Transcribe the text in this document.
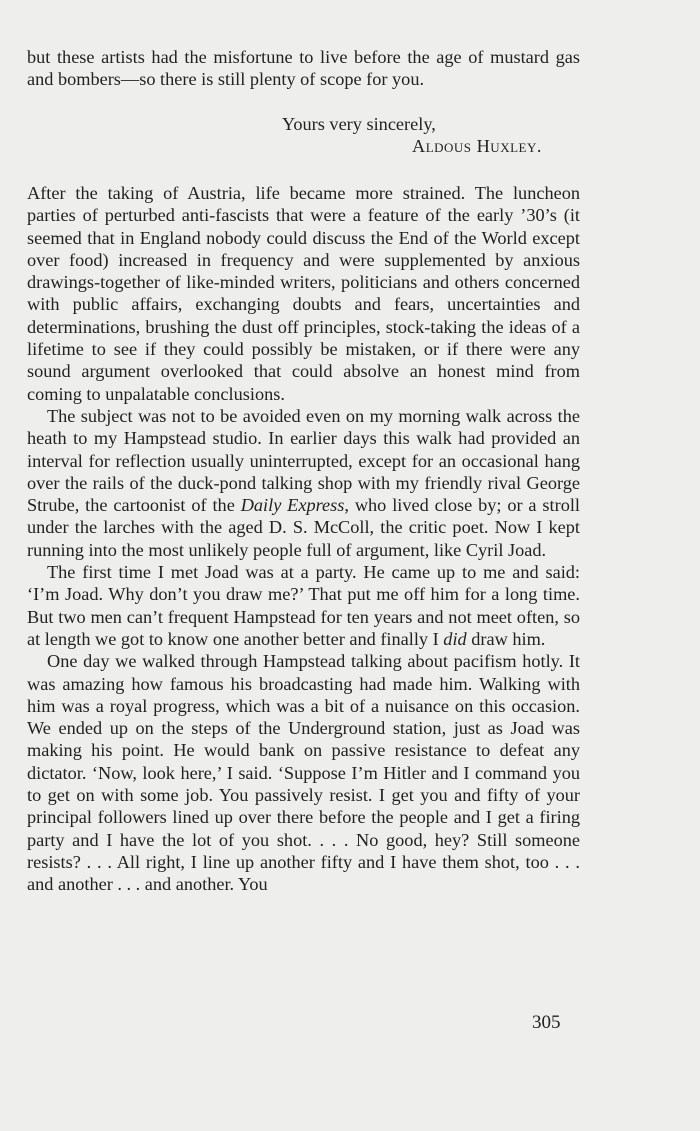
but these artists had the misfortune to live before the age of mustard gas and bombers—so there is still plenty of scope for you.

Yours very sincerely,
Aldous Huxley.

After the taking of Austria, life became more strained. The luncheon parties of perturbed anti-fascists that were a feature of the early ’30’s (it seemed that in England nobody could discuss the End of the World except over food) increased in frequency and were supplemented by anxious drawings-together of like-minded writers, politicians and others concerned with public affairs, exchanging doubts and fears, uncertainties and determinations, brushing the dust off principles, stock-taking the ideas of a lifetime to see if they could possibly be mistaken, or if there were any sound argument overlooked that could absolve an honest mind from coming to unpalatable conclusions.

The subject was not to be avoided even on my morning walk across the heath to my Hampstead studio. In earlier days this walk had provided an interval for reflection usually uninterrupted, except for an occasional hang over the rails of the duck-pond talking shop with my friendly rival George Strube, the cartoonist of the Daily Express, who lived close by; or a stroll under the larches with the aged D. S. McColl, the critic poet. Now I kept running into the most unlikely people full of argument, like Cyril Joad.

The first time I met Joad was at a party. He came up to me and said: ‘I’m Joad. Why don’t you draw me?’ That put me off him for a long time. But two men can’t frequent Hampstead for ten years and not meet often, so at length we got to know one another better and finally I did draw him.

One day we walked through Hampstead talking about pacifism hotly. It was amazing how famous his broadcasting had made him. Walking with him was a royal progress, which was a bit of a nuisance on this occasion. We ended up on the steps of the Underground station, just as Joad was making his point. He would bank on passive resistance to defeat any dictator. ‘Now, look here,’ I said. ‘Suppose I’m Hitler and I command you to get on with some job. You passively resist. I get you and fifty of your principal followers lined up over there before the people and I get a firing party and I have the lot of you shot. . . . No good, hey? Still someone resists? . . . All right, I line up another fifty and I have them shot, too . . . and another . . . and another. You

305
